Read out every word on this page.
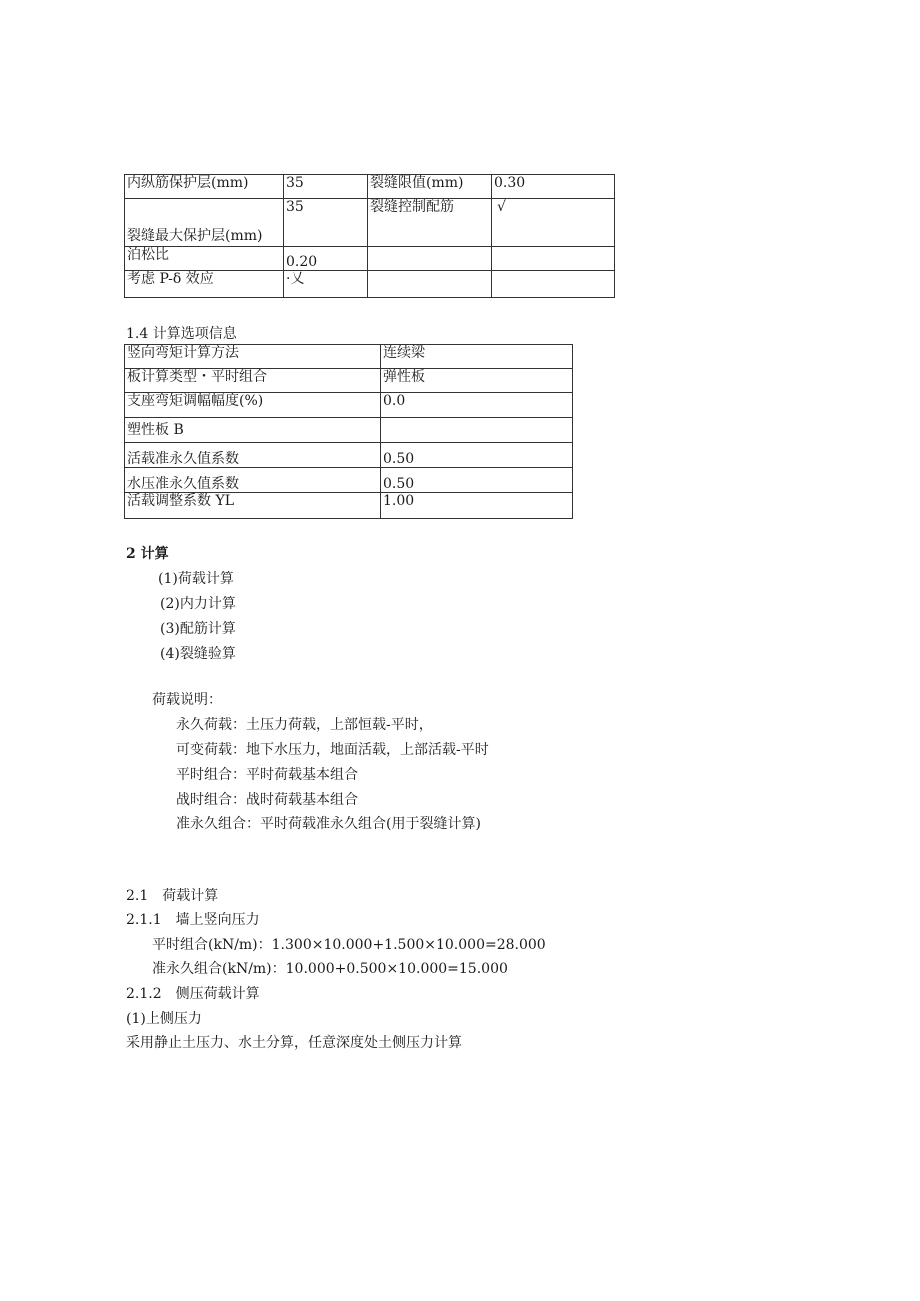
内纵筋保护层(mm)	35	裂缝限值(mm)	0.30
裂缝最大保护层(mm)	35	裂缝控制配筋	√
泊松比	0.20		
考虑 P-δ 效应	·乂		
1.4 计算选项信息
竖向弯矩计算方法	连续梁
板计算类型・平时组合	弹性板
支座弯矩调幅幅度(%)	0.0
塑性板 B	
活载准永久值系数	0.50
水压准永久值系数	0.50
活载调整系数 YL	1.00
2 计算
(1)荷载计算
(2)内力计算
(3)配筋计算
(4)裂缝验算
荷载说明：
永久荷载：土压力荷载，上部恒载-平时，
可变荷载：地下水压力，地面活载，上部活载-平时
平时组合：平时荷载基本组合
战时组合：战时荷载基本组合
准永久组合：平时荷载准永久组合(用于裂缝计算)
2.1　荷载计算
2.1.1　墙上竖向压力
平时组合(kN/m)：1.300×10.000+1.500×10.000=28.000
准永久组合(kN/m)：10.000+0.500×10.000=15.000
2.1.2　侧压荷载计算
(1)上侧压力
采用静止土压力、水土分算，任意深度处土侧压力计算
